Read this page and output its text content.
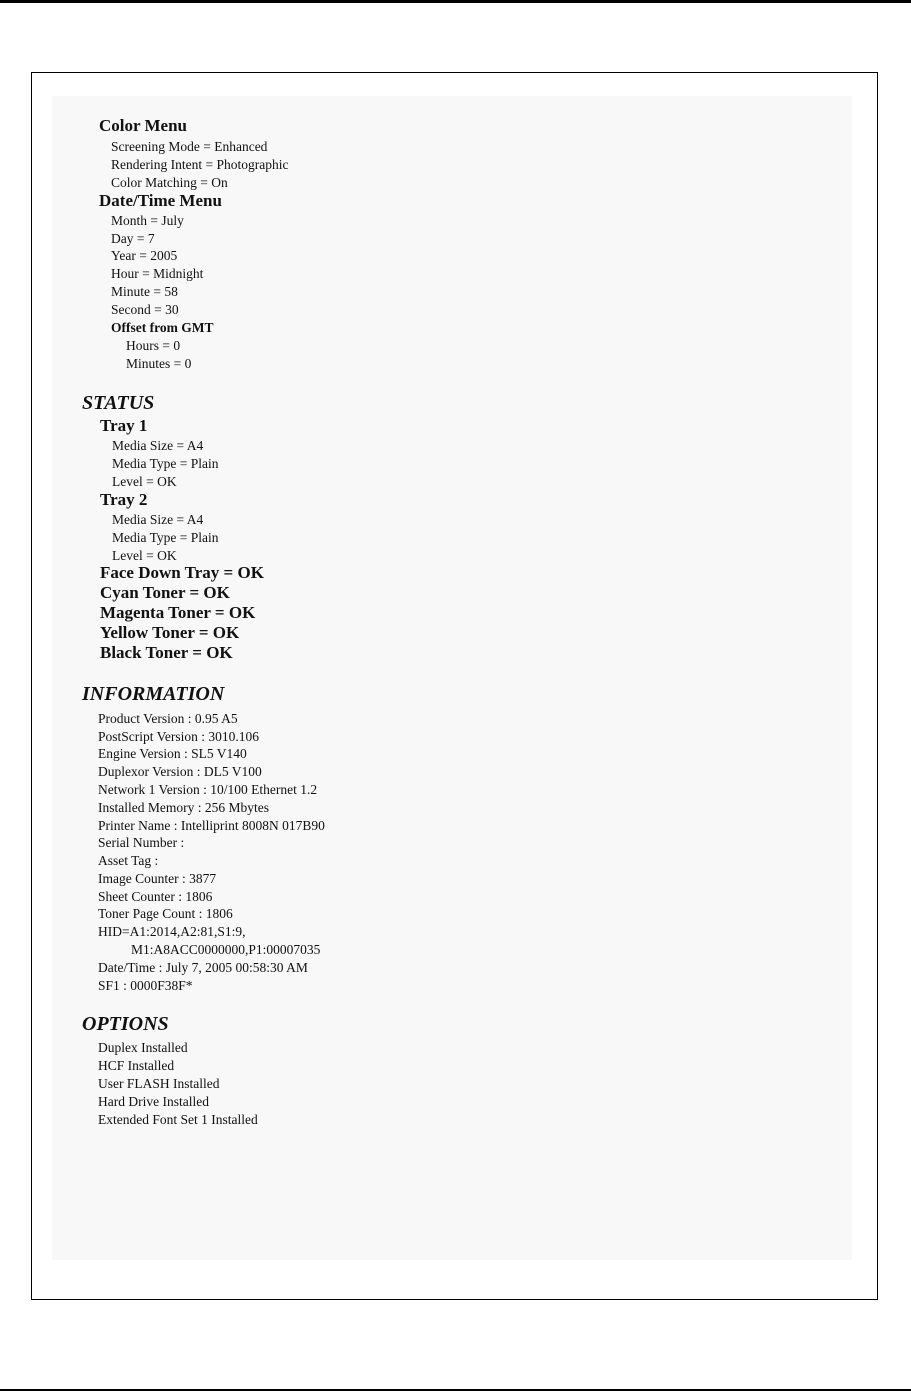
Color Menu
Screening Mode = Enhanced
Rendering Intent = Photographic
Color Matching = On
Date/Time Menu
Month = July
Day = 7
Year = 2005
Hour = Midnight
Minute = 58
Second = 30
Offset from GMT
Hours = 0
Minutes = 0
STATUS
Tray 1
Media Size = A4
Media Type = Plain
Level = OK
Tray 2
Media Size = A4
Media Type = Plain
Level = OK
Face Down Tray = OK
Cyan Toner = OK
Magenta Toner = OK
Yellow Toner = OK
Black Toner = OK
INFORMATION
Product Version : 0.95 A5
PostScript Version : 3010.106
Engine Version : SL5 V140
Duplexor Version : DL5 V100
Network 1 Version : 10/100 Ethernet 1.2
Installed Memory : 256 Mbytes
Printer Name : Intelliprint 8008N 017B90
Serial Number :
Asset Tag :
Image Counter : 3877
Sheet Counter : 1806
Toner Page Count : 1806
HID=A1:2014,A2:81,S1:9,
M1:A8ACC0000000,P1:00007035
Date/Time : July 7, 2005 00:58:30 AM
SF1 : 0000F38F*
OPTIONS
Duplex Installed
HCF Installed
User FLASH Installed
Hard Drive Installed
Extended Font Set 1 Installed
